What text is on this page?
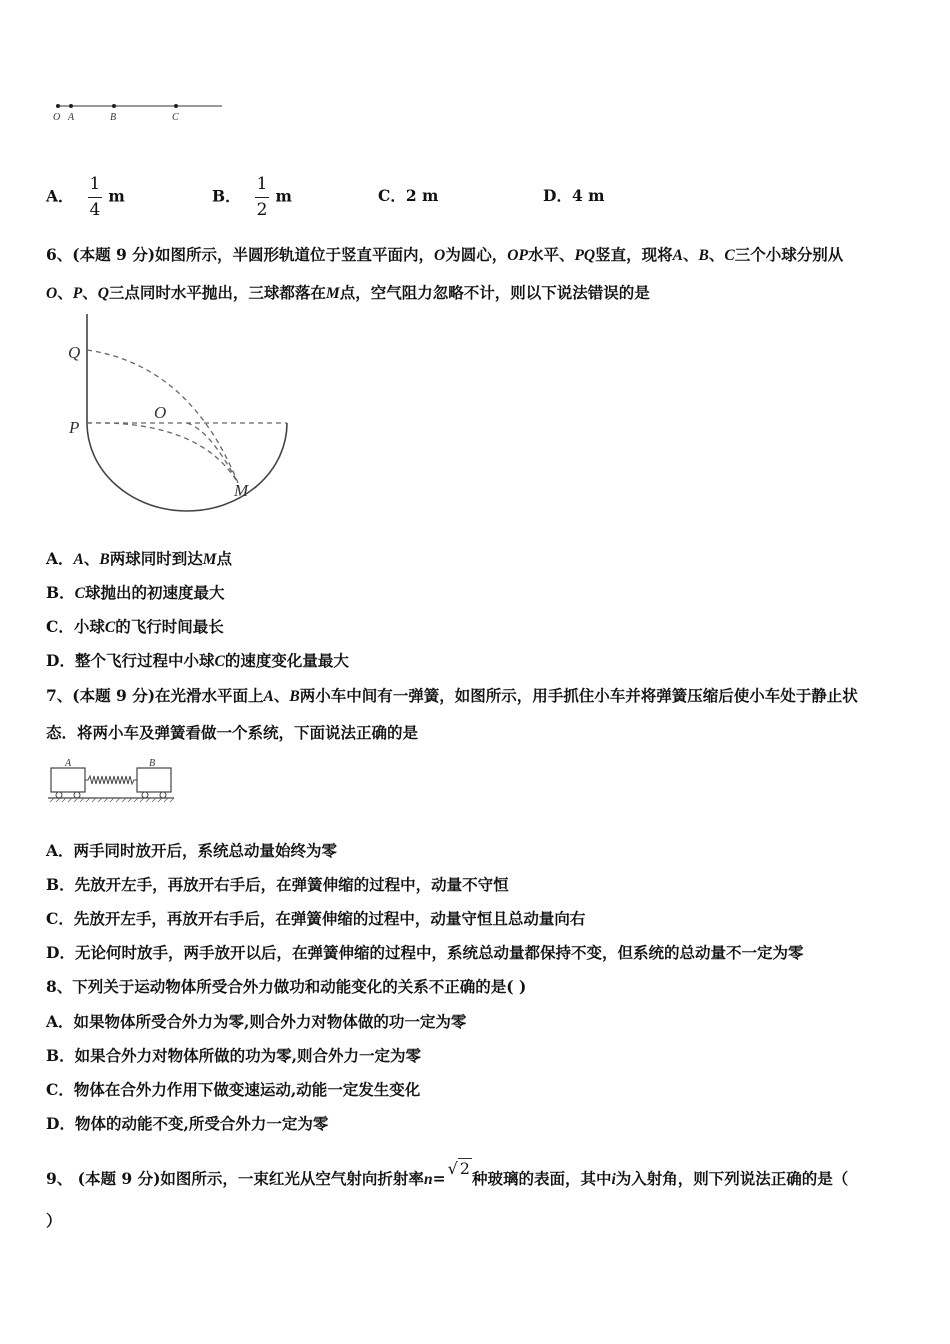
O A	B	C
A． $\frac{1}{4}$ m	B． $\frac{1}{2}$ m	C．2 m	D．4 m
6、(本题 9 分)如图所示，半圆形轨道位于竖直平面内，O为圆心，OP水平、PQ竖直，现将A、B、C三个小球分别从
O、P、Q三点同时水平抛出，三球都落在M点，空气阻力忽略不计，则以下说法错误的是
Q
P
O
M
A．A、B两球同时到达M点
B．C球抛出的初速度最大
C．小球C的飞行时间最长
D．整个飞行过程中小球C的速度变化量最大
7、(本题 9 分)在光滑水平面上A、B两小车中间有一弹簧，如图所示，用手抓住小车并将弹簧压缩后使小车处于静止状
态．将两小车及弹簧看做一个系统，下面说法正确的是
A	B
A．两手同时放开后，系统总动量始终为零
B．先放开左手，再放开右手后，在弹簧伸缩的过程中，动量不守恒
C．先放开左手，再放开右手后，在弹簧伸缩的过程中，动量守恒且总动量向右
D．无论何时放手，两手放开以后，在弹簧伸缩的过程中，系统总动量都保持不变，但系统的总动量不一定为零
8、下列关于运动物体所受合外力做功和动能变化的关系不正确的是( )
A．如果物体所受合外力为零,则合外力对物体做的功一定为零
B．如果合外力对物体所做的功为零,则合外力一定为零
C．物体在合外力作用下做变速运动,动能一定发生变化
D．物体的动能不变,所受合外力一定为零
9、 (本题 9 分)如图所示，一束红光从空气射向折射率n=√ 2种玻璃的表面，其中i为入射角，则下列说法正确的是（
）
